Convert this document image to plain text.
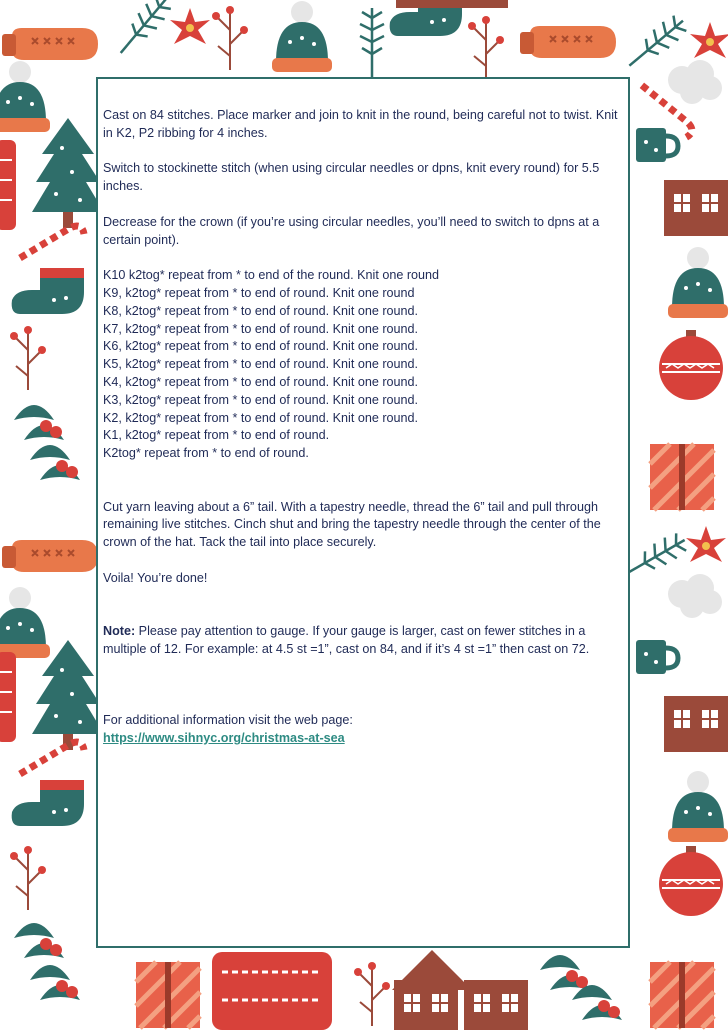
Cast on 84 stitches. Place marker and join to knit in the round, being careful not to twist. Knit in K2, P2 ribbing for 4 inches.

Switch to stockinette stitch (when using circular needles or dpns, knit every round) for 5.5 inches.

Decrease for the crown (if you’re using circular needles, you’ll need to switch to dpns at a certain point).

K10 k2tog* repeat from * to end of the round. Knit one round

K9, k2tog* repeat from * to end of round. Knit one round

K8, k2tog* repeat from * to end of round. Knit one round.

K7, k2tog* repeat from * to end of round. Knit one round.

K6, k2tog* repeat from * to end of round. Knit one round.

K5, k2tog* repeat from * to end of round. Knit one round.

K4, k2tog* repeat from * to end of round. Knit one round.

K3, k2tog* repeat from * to end of round. Knit one round.

K2, k2tog* repeat from * to end of round. Knit one round.

K1, k2tog* repeat from * to end of round.

K2tog* repeat from * to end of round.

Cut yarn leaving about a 6” tail. With a tapestry needle, thread the 6” tail and pull through remaining live stitches. Cinch shut and bring the tapestry needle through the center of the crown of the hat. Tack the tail into place securely.

Voila! You’re done!

Note: Please pay attention to gauge. If your gauge is larger, cast on fewer stitches in a multiple of 12. For example: at 4.5 st =1”, cast on 84, and if it’s 4 st =1” then cast on 72.

For additional information visit the web page:

https://www.sihnyc.org/christmas-at-sea
